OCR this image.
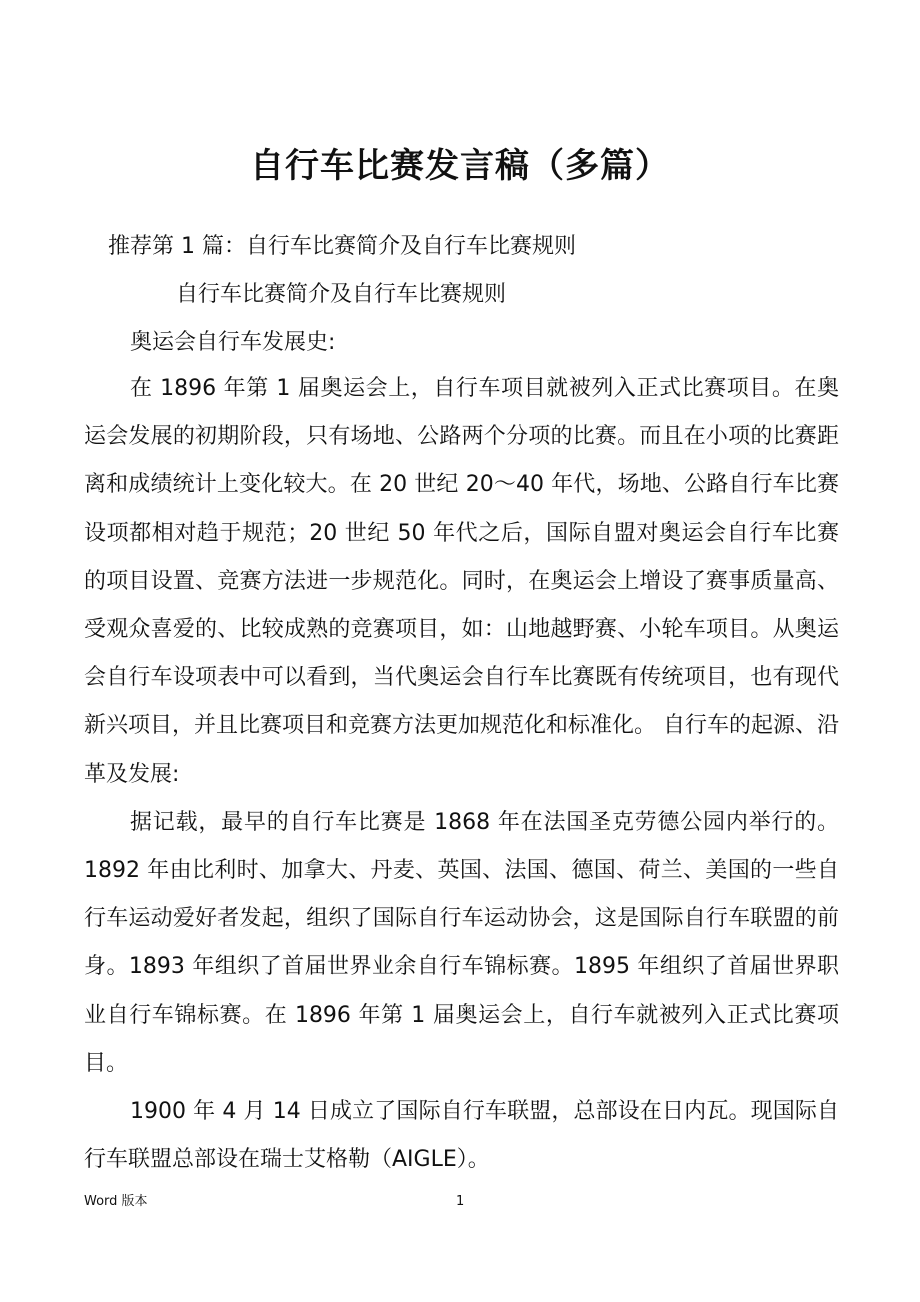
自行车比赛发言稿（多篇）
推荐第 1 篇：自行车比赛简介及自行车比赛规则
自行车比赛简介及自行车比赛规则
奥运会自行车发展史:

在 1896 年第 1 届奥运会上，自行车项目就被列入正式比赛项目。在奥运会发展的初期阶段，只有场地、公路两个分项的比赛。而且在小项的比赛距离和成绩统计上变化较大。在 20 世纪 20～40 年代，场地、公路自行车比赛设项都相对趋于规范；20 世纪 50 年代之后，国际自盟对奥运会自行车比赛的项目设置、竞赛方法进一步规范化。同时，在奥运会上增设了赛事质量高、受观众喜爱的、比较成熟的竞赛项目，如：山地越野赛、小轮车项目。从奥运会自行车设项表中可以看到，当代奥运会自行车比赛既有传统项目，也有现代新兴项目，并且比赛项目和竞赛方法更加规范化和标准化。 自行车的起源、沿革及发展:

据记载，最早的自行车比赛是 1868 年在法国圣克劳德公园内举行的。1892 年由比利时、加拿大、丹麦、英国、法国、德国、荷兰、美国的一些自行车运动爱好者发起，组织了国际自行车运动协会，这是国际自行车联盟的前身。1893 年组织了首届世界业余自行车锦标赛。1895 年组织了首届世界职业自行车锦标赛。在 1896 年第 1 届奥运会上，自行车就被列入正式比赛项目。

1900 年 4 月 14 日成立了国际自行车联盟，总部设在日内瓦。现国际自行车联盟总部设在瑞士艾格勒（AIGLE）。

Word 版本	1
